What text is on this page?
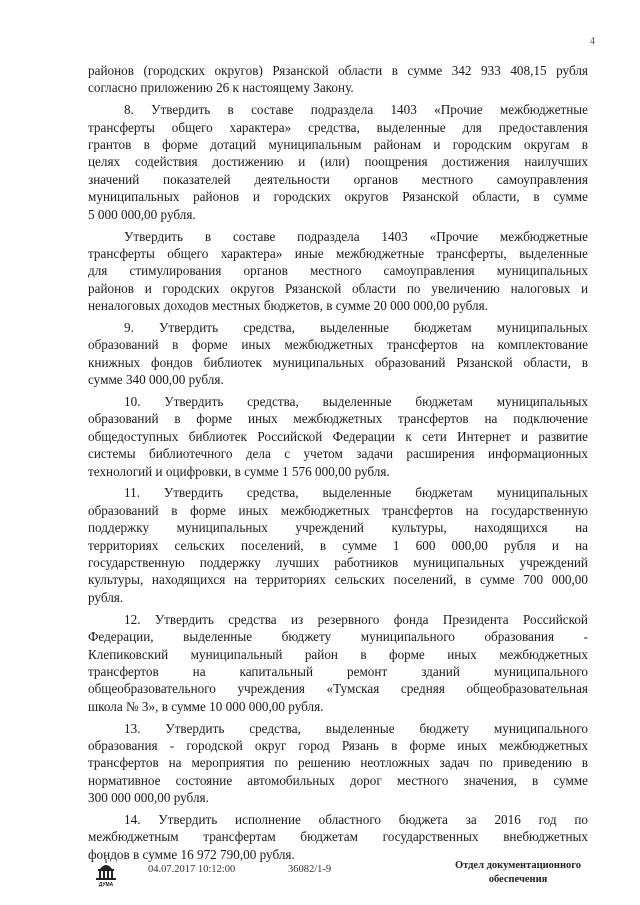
4
районов (городских округов) Рязанской области в сумме 342 933 408,15 рубля
согласно приложению 26 к настоящему Закону.
8. Утвердить в составе подраздела 1403 «Прочие межбюджетные
трансферты общего характера» средства, выделенные для предоставления
грантов в форме дотаций муниципальным районам и городским округам в
целях содействия достижению и (или) поощрения достижения наилучших
значений показателей деятельности органов местного самоуправления
муниципальных районов и городских округов Рязанской области, в сумме
5 000 000,00 рубля.
Утвердить в составе подраздела 1403 «Прочие межбюджетные
трансферты общего характера» иные межбюджетные трансферты, выделенные
для стимулирования органов местного самоуправления муниципальных
районов и городских округов Рязанской области по увеличению налоговых и
неналоговых доходов местных бюджетов, в сумме 20 000 000,00 рубля.
9. Утвердить средства, выделенные бюджетам муниципальных
образований в форме иных межбюджетных трансфертов на комплектование
книжных фондов библиотек муниципальных образований Рязанской области, в
сумме 340 000,00 рубля.
10. Утвердить средства, выделенные бюджетам муниципальных
образований в форме иных межбюджетных трансфертов на подключение
общедоступных библиотек Российской Федерации к сети Интернет и развитие
системы библиотечного дела с учетом задачи расширения информационных
технологий и оцифровки, в сумме 1 576 000,00 рубля.
11. Утвердить средства, выделенные бюджетам муниципальных
образований в форме иных межбюджетных трансфертов на государственную
поддержку муниципальных учреждений культуры, находящихся на
территориях сельских поселений, в сумме 1 600 000,00 рубля и на
государственную поддержку лучших работников муниципальных учреждений
культуры, находящихся на территориях сельских поселений, в сумме 700 000,00
рубля.
12. Утвердить средства из резервного фонда Президента Российской
Федерации, выделенные бюджету муниципального образования -
Клепиковский муниципальный район в форме иных межбюджетных
трансфертов на капитальный ремонт зданий муниципального
общеобразовательного учреждения «Тумская средняя общеобразовательная
школа № 3», в сумме 10 000 000,00 рубля.
13. Утвердить средства, выделенные бюджету муниципального
образования - городской округ город Рязань в форме иных межбюджетных
трансфертов на мероприятия по решению неотложных задач по приведению в
нормативное состояние автомобильных дорог местного значения, в сумме
300 000 000,00 рубля.
14. Утвердить исполнение областного бюджета за 2016 год по
межбюджетным трансфертам бюджетам государственных внебюджетных
фондов в сумме 16 972 790,00 рубля.
ДУМА
04.07.2017 10:12:00	36082/1-9	Отдел документационного
обеспечения
